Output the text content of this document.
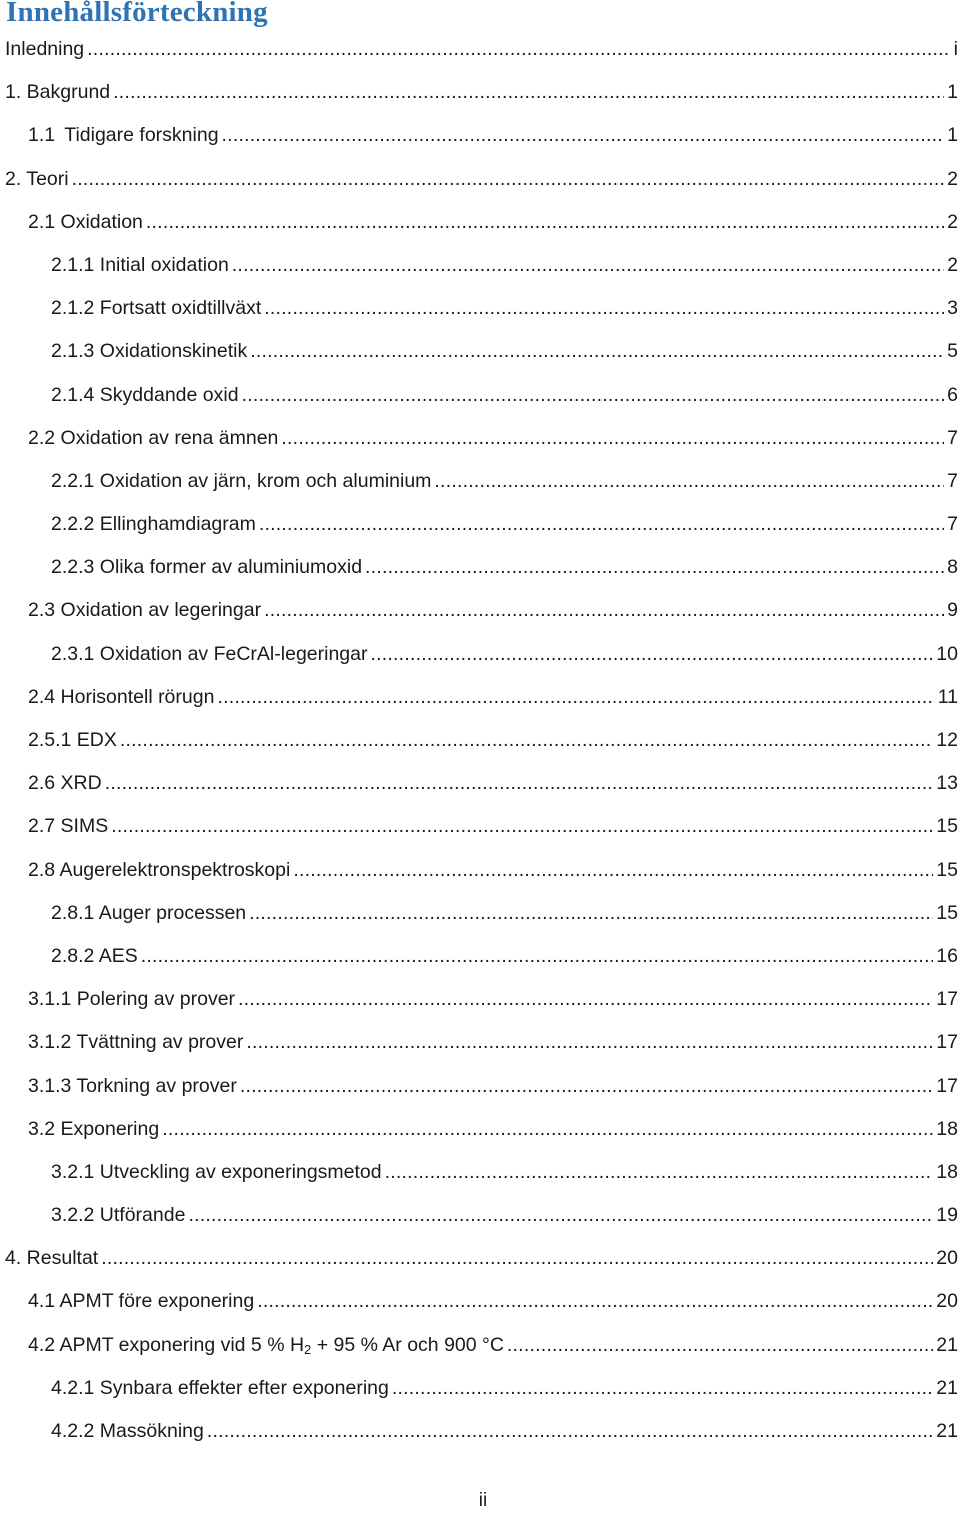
Innehållsförteckning
Inledning . . .	i
1. Bakgrund . . .	1
1.1 Tidigare forskning . . .	1
2. Teori . . .	2
2.1 Oxidation . . .	2
2.1.1 Initial oxidation . . .	2
2.1.2 Fortsatt oxidtillväxt . . .	3
2.1.3 Oxidationskinetik . . .	5
2.1.4 Skyddande oxid . . .	6
2.2 Oxidation av rena ämnen . . .	7
2.2.1 Oxidation av järn, krom och aluminium . . .	7
2.2.2 Ellinghamdiagram . . .	7
2.2.3 Olika former av aluminiumoxid . . .	8
2.3 Oxidation av legeringar . . .	9
2.3.1 Oxidation av FeCrAl-legeringar . . .	10
2.4 Horisontell rörugn . . .	11
2.5.1 EDX . . .	12
2.6 XRD . . .	13
2.7 SIMS . . .	15
2.8 Augerelektronspektroskopi . . .	15
2.8.1 Auger processen . . .	15
2.8.2 AES . . .	16
3.1.1 Polering av prover . . .	17
3.1.2 Tvättning av prover . . .	17
3.1.3 Torkning av prover . . .	17
3.2 Exponering . . .	18
3.2.1 Utveckling av exponeringsmetod . . .	18
3.2.2 Utförande . . .	19
4. Resultat . . .	20
4.1 APMT före exponering . . .	20
4.2 APMT exponering vid 5 % $H_2 + 95$ % Ar och 900 °C . . .	21
4.2.1 Synbara effekter efter exponering . . .	21
4.2.2 Massökning . . .	21
ii
